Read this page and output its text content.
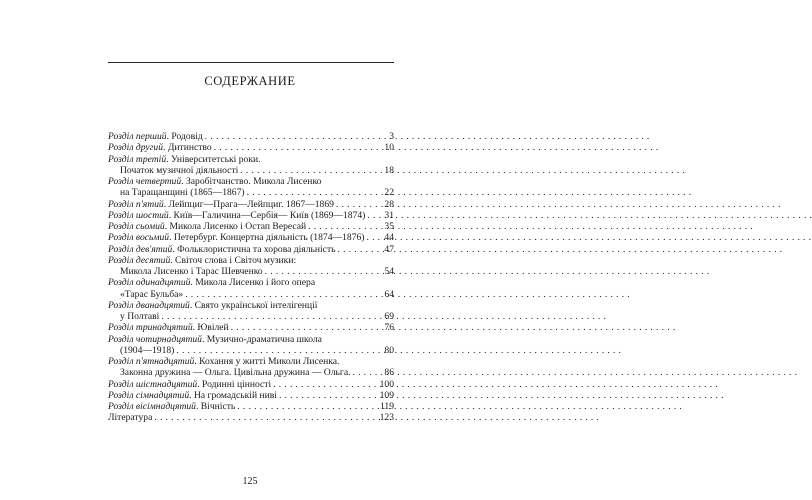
СОДЕРЖАНИЕ
Розділ перший. Родовід . . .	3
Розділ другий. Дитинство . . .	10
Розділ третій. Університетські роки.
Початок музичної діяльності . . .	18
Розділ четвертий. Заробітчанство. Микола Лисенко
на Таращанщині (1865—1867) . . .	22
Розділ п'ятий. Лейпциг—Прага—Лейпциг. 1867—1869 . . .	28
Розділ шостий. Київ—Галичина—Сербія— Київ (1869—1874) . . . 31
Розділ сьомий. Микола Лисенко і Остап Вересай . . .	35
Розділ восьмий. Петербург. Концертна діяльність (1874—1876) . . . 44
Розділ дев'ятий. Фольклористична та хорова діяльність . . .	47
Розділ десятий. Світоч слова і Світоч музики:
Микола Лисенко і Тарас Шевченко . . .	54
Розділ одинадцятий. Микола Лисенко і його опера
«Тарас Бульба» . . .	64
Розділ дванадцятий. Свято української інтелігенції
у Полтаві . . .	69
Розділ тринадцятий. Ювілей . . .	76
Розділ чотирнадцятий. Музично-драматична школа
(1904—1918) . . .	80
Розділ п'ятнадцятий. Кохання у житті Миколи Лисенка.
Законна дружина — Ольга. Цивільна дружина — Ольга. . . .	86
Розділ шістнадцятий. Родинні цінності . . .	100
Розділ сімнадцятий. На громадській ниві . . .	109
Розділ вісімнадцятий. Вічність . . .	119
Література . . .	123
125
